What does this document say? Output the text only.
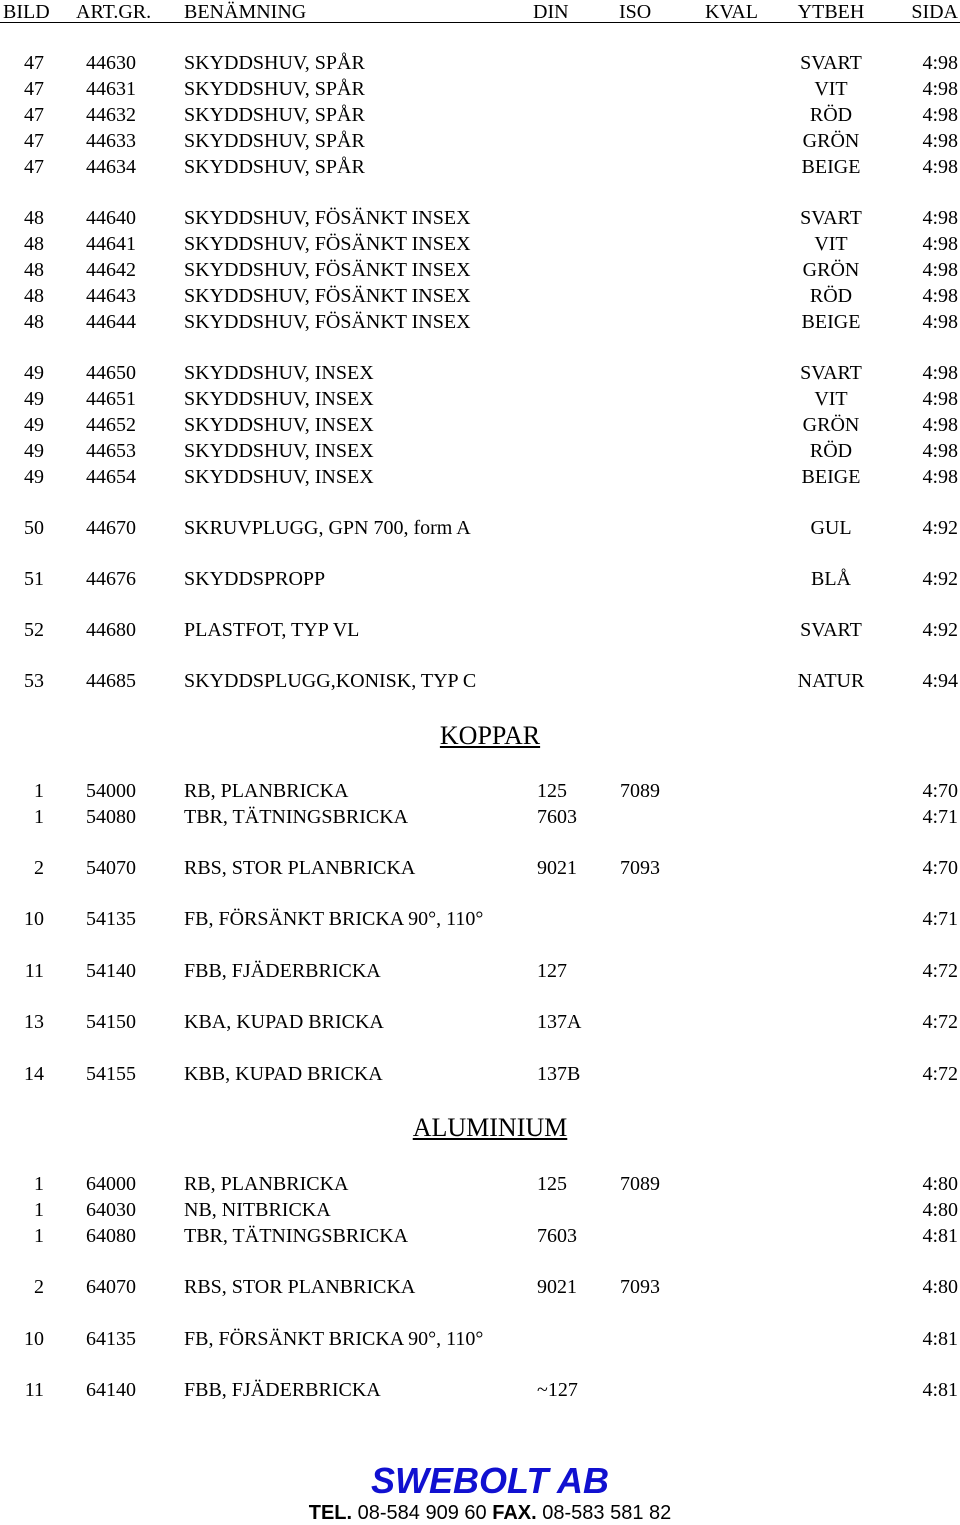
BILD ART.GR. BENÄMNING	DIN	ISO	KVAL	YTBEH	SIDA
47 44630 SKYDDSHUV, SPÅR	SVART	4:98
47 44631 SKYDDSHUV, SPÅR	VIT	4:98
47 44632 SKYDDSHUV, SPÅR	RÖD	4:98
47 44633 SKYDDSHUV, SPÅR	GRÖN	4:98
47 44634 SKYDDSHUV, SPÅR	BEIGE	4:98
48 44640 SKYDDSHUV, FÖSÄNKT INSEX	SVART	4:98
48 44641 SKYDDSHUV, FÖSÄNKT INSEX	VIT	4:98
48 44642 SKYDDSHUV, FÖSÄNKT INSEX	GRÖN	4:98
48 44643 SKYDDSHUV, FÖSÄNKT INSEX	RÖD	4:98
48 44644 SKYDDSHUV, FÖSÄNKT INSEX	BEIGE	4:98
49 44650 SKYDDSHUV, INSEX	SVART	4:98
49 44651 SKYDDSHUV, INSEX	VIT	4:98
49 44652 SKYDDSHUV, INSEX	GRÖN	4:98
49 44653 SKYDDSHUV, INSEX	RÖD	4:98
49 44654 SKYDDSHUV, INSEX	BEIGE	4:98
50 44670 SKRUVPLUGG, GPN 700, form A	GUL	4:92
51 44676 SKYDDSPROPP	BLÅ	4:92
52 44680 PLASTFOT, TYP VL	SVART	4:92
53 44685 SKYDDSPLUGG,KONISK, TYP C	NATUR	4:94
1 54000 RB, PLANBRICKA	125	7089	4:70
1 54080 TBR, TÄTNINGSBRICKA	7603	4:71
2 54070 RBS, STOR PLANBRICKA	9021 7093	4:70
10 54135 FB, FÖRSÄNKT BRICKA 90°, 110°	4:71
11 54140 FBB, FJÄDERBRICKA	127	4:72
13 54150 KBA, KUPAD BRICKA	137A	4:72
14 54155 KBB, KUPAD BRICKA	137B	4:72
1 64000 RB, PLANBRICKA	125	7089	4:80
1 64030 NB, NITBRICKA	4:80
1 64080 TBR, TÄTNINGSBRICKA	7603	4:81
2 64070 RBS, STOR PLANBRICKA	9021 7093	4:80
10 64135 FB, FÖRSÄNKT BRICKA 90°, 110°	4:81
11 64140 FBB, FJÄDERBRICKA	~127	4:81
KOPPAR
ALUMINIUM
SWEBOLT AB
TEL. 08-584 909 60 FAX. 08-583 581 82
